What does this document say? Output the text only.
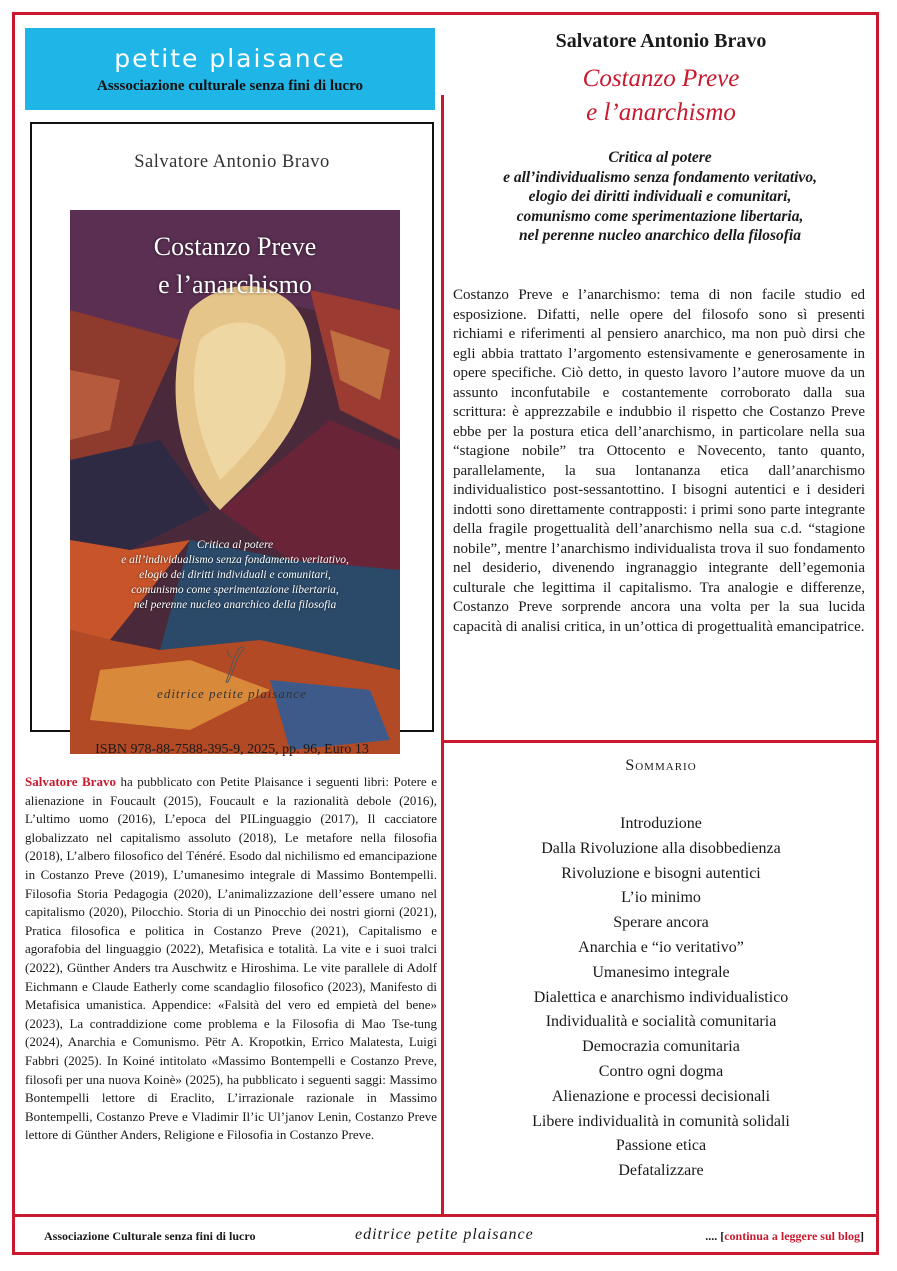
petite plaisance
Asssociazione culturale senza fini di lucro
Salvatore Antonio Bravo
Costanzo Preve
e l’anarchismo
Critica al potere
e all’individualismo senza fondamento veritativo,
elogio dei diritti individuali e comunitari,
comunismo come sperimentazione libertaria,
nel perenne nucleo anarchico della filosofia
editrice petite plaisance
ISBN 978-88-7588-395-9, 2025, pp. 96, Euro 13
Salvatore Bravo ha pubblicato con Petite Plaisance i seguenti libri: Potere e alienazione in Foucault (2015), Foucault e la razionalità debole (2016), L’ultimo uomo (2016), L’epoca del PILinguaggio (2017), Il cacciatore globalizzato nel capitalismo assoluto (2018), Le metafore nella filosofia (2018), L’albero filosofico del Ténéré. Esodo dal nichilismo ed emancipazione in Costanzo Preve (2019), L’umanesimo integrale di Massimo Bontempelli. Filosofia Storia Pedagogia (2020), L’animalizzazione dell’essere umano nel capitalismo (2020), Pilocchio. Storia di un Pinocchio dei nostri giorni (2021), Pratica filosofica e politica in Costanzo Preve (2021), Capitalismo e agorafobia del linguaggio (2022), Metafisica e totalità. La vite e i suoi tralci (2022), Günther Anders tra Auschwitz e Hiroshima. Le vite parallele di Adolf Eichmann e Claude Eatherly come scandaglio filosofico (2023), Manifesto di Metafisica umanistica. Appendice: «Falsità del vero ed empietà del bene» (2023), La contraddizione come problema e la Filosofia di Mao Tse-tung (2024), Anarchia e Comunismo. Pëtr A. Kropotkin, Errico Malatesta, Luigi Fabbri (2025). In Koiné intitolato «Massimo Bontempelli e Costanzo Preve, filosofi per una nuova Koinè» (2025), ha pubblicato i seguenti saggi: Massimo Bontempelli lettore di Eraclito, L’irrazionale razionale in Massimo Bontempelli, Costanzo Preve e Vladimir Il’ic Ul’janov Lenin, Costanzo Preve lettore di Günther Anders, Religione e Filosofia in Costanzo Preve.
Salvatore Antonio Bravo
Costanzo Preve
e l’anarchismo
Critica al potere
e all’individualismo senza fondamento veritativo,
elogio dei diritti individuali e comunitari,
comunismo come sperimentazione libertaria,
nel perenne nucleo anarchico della filosofia
Costanzo Preve e l’anarchismo: tema di non facile studio ed esposizione. Difatti, nelle opere del filosofo sono sì presenti richiami e riferimenti al pensiero anarchico, ma non può dirsi che egli abbia trattato l’argomento estensivamente e generosamente in opere specifiche. Ciò detto, in questo lavoro l’autore muove da un assunto inconfutabile e costantemente corroborato dalla sua scrittura: è apprezzabile e indubbio il rispetto che Costanzo Preve ebbe per la postura etica dell’anarchismo, in particolare nella sua “stagione nobile” tra Ottocento e Novecento, tanto quanto, parallelamente, la sua lontananza etica dall’anarchismo individualistico post-sessantottino. I bisogni autentici e i desideri indotti sono direttamente contrapposti: i primi sono parte integrante della fragile progettualità dell’anarchismo nella sua c.d. “stagione nobile”, mentre l’anarchismo individualista trova il suo fondamento nel desiderio, divenendo ingranaggio integrante dell’egemonia culturale che legittima il capitalismo. Tra analogie e differenze, Costanzo Preve sorprende ancora una volta per la sua lucida capacità di analisi critica, in un’ottica di progettualità emancipatrice.
Sommario
Introduzione
Dalla Rivoluzione alla disobbedienza
Rivoluzione e bisogni autentici
L’io minimo
Sperare ancora
Anarchia e “io veritativo”
Umanesimo integrale
Dialettica e anarchismo individualistico
Individualità e socialità comunitaria
Democrazia comunitaria
Contro ogni dogma
Alienazione e processi decisionali
Libere individualità in comunità solidali
Passione etica
Defatalizzare
Associazione Culturale senza fini di lucro	editrice petite plaisance	.... [continua a leggere sul blog]
